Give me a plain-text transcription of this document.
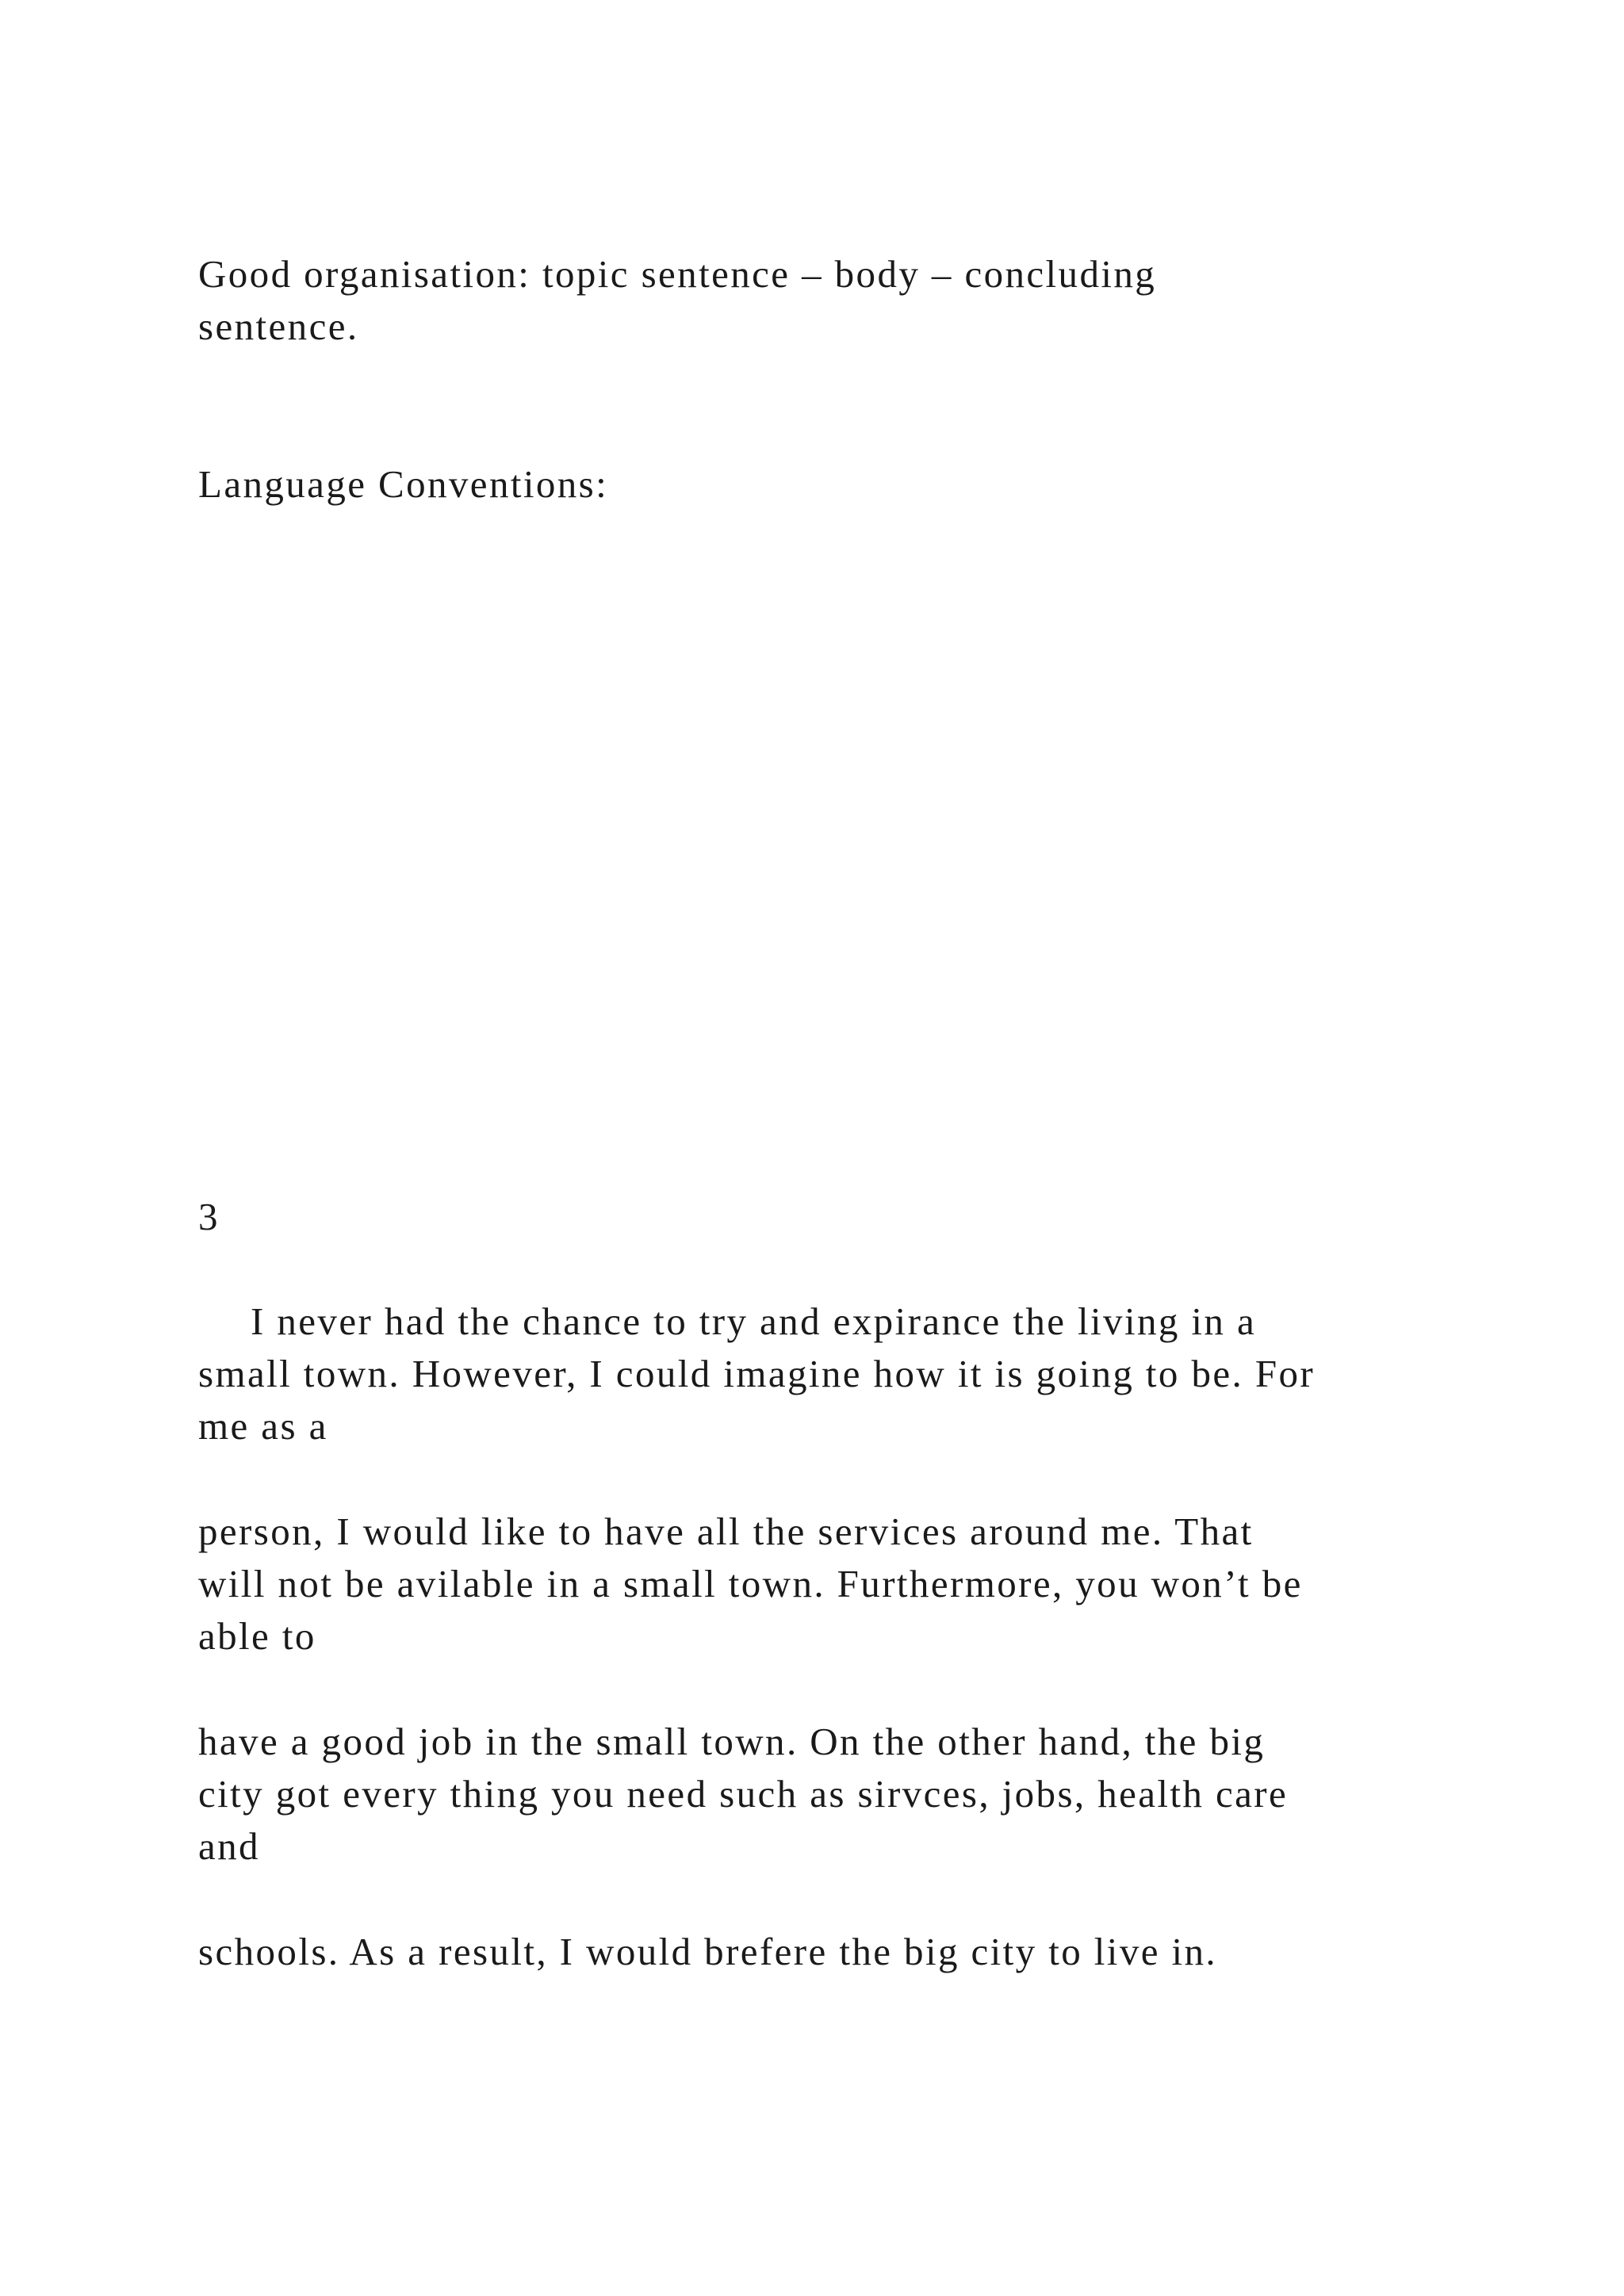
Good organisation: topic sentence – body – concluding

sentence.

Language Conventions:

3

I never had the chance to try and expirance the living in a

small town. However, I could imagine how it is going to be. For

me as a

person, I would like to have all the services around me. That

will not be avilable in a small town. Furthermore, you won’t be

able to

have a good job in the small town. On the other hand, the big

city got every thing you need such as sirvces, jobs, health care

and

schools. As a result, I would brefere the big city to live in.
